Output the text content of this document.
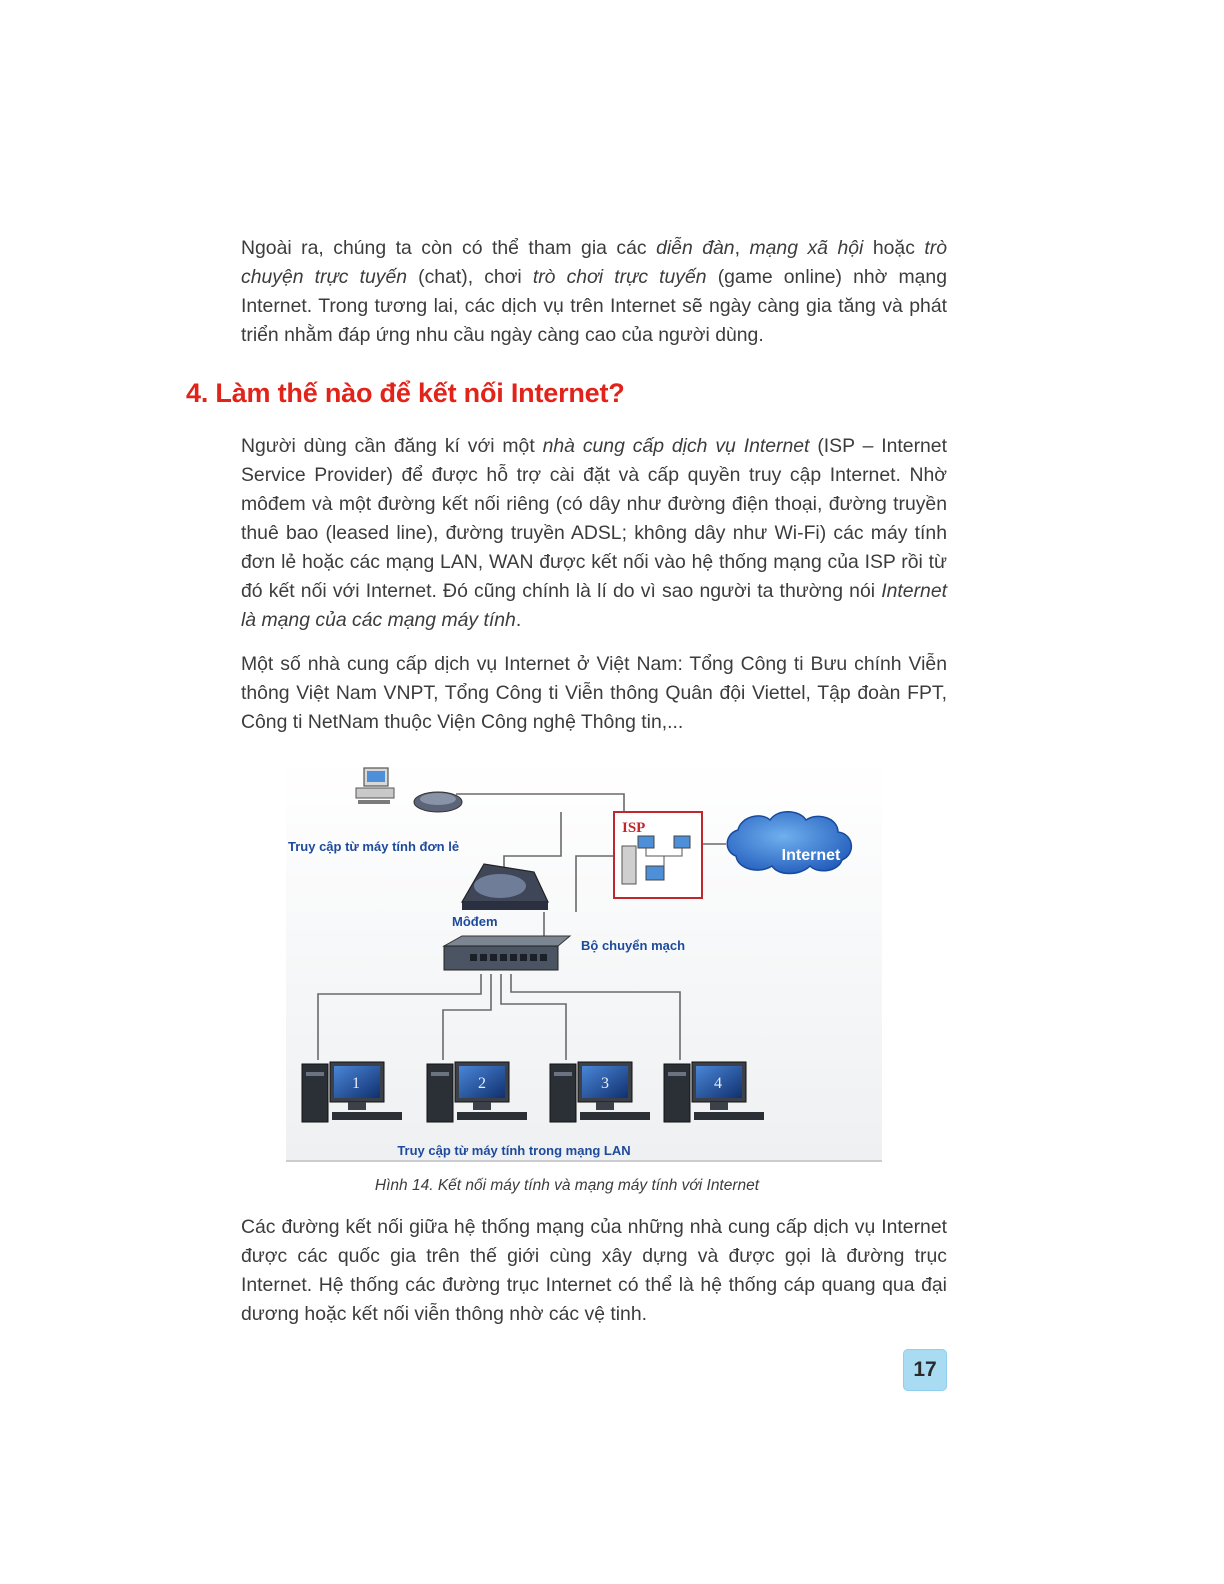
Ngoài ra, chúng ta còn có thể tham gia các diễn đàn, mạng xã hội hoặc trò chuyện trực tuyến (chat), chơi trò chơi trực tuyến (game online) nhờ mạng Internet. Trong tương lai, các dịch vụ trên Internet sẽ ngày càng gia tăng và phát triển nhằm đáp ứng nhu cầu ngày càng cao của người dùng.

4. Làm thế nào để kết nối Internet?

Người dùng cần đăng kí với một nhà cung cấp dịch vụ Internet (ISP – Internet Service Provider) để được hỗ trợ cài đặt và cấp quyền truy cập Internet. Nhờ môđem và một đường kết nối riêng (có dây như đường điện thoại, đường truyền thuê bao (leased line), đường truyền ADSL; không dây như Wi-Fi) các máy tính đơn lẻ hoặc các mạng LAN, WAN được kết nối vào hệ thống mạng của ISP rồi từ đó kết nối với Internet. Đó cũng chính là lí do vì sao người ta thường nói Internet là mạng của các mạng máy tính.

Một số nhà cung cấp dịch vụ Internet ở Việt Nam: Tổng Công ti Bưu chính Viễn thông Việt Nam VNPT, Tổng Công ti Viễn thông Quân đội Viettel, Tập đoàn FPT, Công ti NetNam thuộc Viện Công nghệ Thông tin,...

ISP
Internet
Truy cập từ máy tính đơn lẻ
Môđem
Bộ chuyển mạch
1	2	3	4
Truy cập từ máy tính trong mạng LAN

Hình 14. Kết nối máy tính và mạng máy tính với Internet

Các đường kết nối giữa hệ thống mạng của những nhà cung cấp dịch vụ Internet được các quốc gia trên thế giới cùng xây dựng và được gọi là đường trục Internet. Hệ thống các đường trục Internet có thể là hệ thống cáp quang qua đại dương hoặc kết nối viễn thông nhờ các vệ tinh.

17
